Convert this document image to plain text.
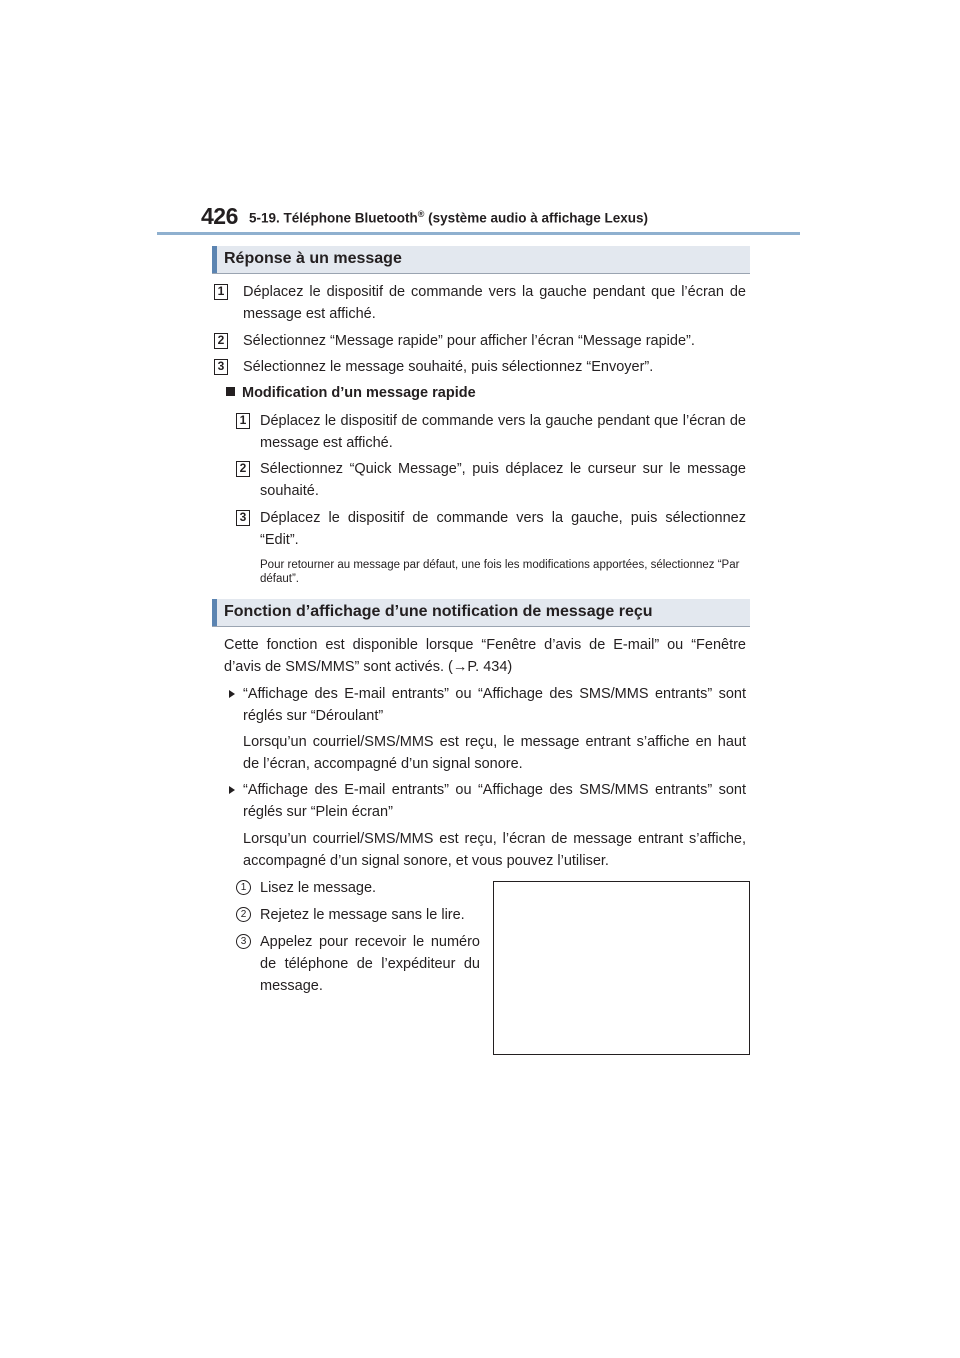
426 5-19. Téléphone Bluetooth® (système audio à affichage Lexus)
Réponse à un message
1 Déplacez le dispositif de commande vers la gauche pendant que l’écran de message est affiché.

2 Sélectionnez “Message rapide” pour afficher l’écran “Message rapide”.

3 Sélectionnez le message souhaité, puis sélectionnez “Envoyer”.

Modification d’un message rapide
1 Déplacez le dispositif de commande vers la gauche pendant que l’écran de message est affiché.

2 Sélectionnez “Quick Message”, puis déplacez le curseur sur le message souhaité.

3 Déplacez le dispositif de commande vers la gauche, puis sélectionnez “Edit”.

Pour retourner au message par défaut, une fois les modifications apportées, sélectionnez “Par défaut”.
Fonction d’affichage d’une notification de message reçu

Cette fonction est disponible lorsque “Fenêtre d’avis de E-mail” ou “Fenêtre d’avis de SMS/MMS” sont activés. (→P. 434)

“Affichage des E-mail entrants” ou “Affichage des SMS/MMS entrants” sont réglés sur “Déroulant”

Lorsqu’un courriel/SMS/MMS est reçu, le message entrant s’affiche en haut de l’écran, accompagné d’un signal sonore.

“Affichage des E-mail entrants” ou “Affichage des SMS/MMS entrants” sont réglés sur “Plein écran”

Lorsqu’un courriel/SMS/MMS est reçu, l’écran de message entrant s’affiche, accompagné d’un signal sonore, et vous pouvez l’utiliser.

1 Lisez le message.

2 Rejetez le message sans le lire.

3 Appelez pour recevoir le numéro de téléphone de l’expéditeur du message.
